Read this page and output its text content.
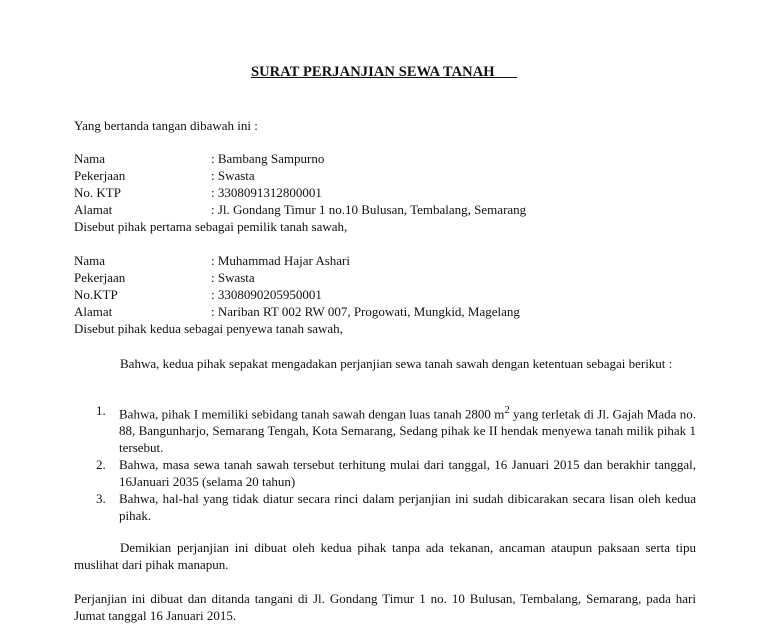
SURAT PERJANJIAN SEWA TANAH
Yang bertanda tangan dibawah ini :
Nama	: Bambang Sampurno
Pekerjaan	: Swasta
No. KTP	: 3308091312800001
Alamat	: Jl. Gondang Timur 1 no.10 Bulusan, Tembalang, Semarang
Disebut pihak pertama sebagai pemilik tanah sawah,
Nama	: Muhammad Hajar Ashari
Pekerjaan	: Swasta
No.KTP	: 3308090205950001
Alamat	: Nariban RT 002 RW 007, Progowati, Mungkid, Magelang
Disebut pihak kedua sebagai penyewa tanah sawah,
Bahwa, kedua pihak sepakat mengadakan perjanjian sewa tanah sawah dengan ketentuan sebagai berikut :
1. Bahwa, pihak I memiliki sebidang tanah sawah dengan luas tanah 2800 $m^2$ yang terletak di Jl. Gajah Mada no. 88, Bangunharjo, Semarang Tengah, Kota Semarang, Sedang pihak ke II hendak menyewa tanah milik pihak 1 tersebut.
2. Bahwa, masa sewa tanah sawah tersebut terhitung mulai dari tanggal, 16 Januari 2015 dan berakhir tanggal, 16Januari 2035 (selama 20 tahun)
3. Bahwa, hal-hal yang tidak diatur secara rinci dalam perjanjian ini sudah dibicarakan secara lisan oleh kedua pihak.
Demikian perjanjian ini dibuat oleh kedua pihak tanpa ada tekanan, ancaman ataupun paksaan serta tipu muslihat dari pihak manapun.
Perjanjian ini dibuat dan ditanda tangani di Jl. Gondang Timur 1 no. 10 Bulusan, Tembalang, Semarang, pada hari Jumat tanggal 16 Januari 2015.
